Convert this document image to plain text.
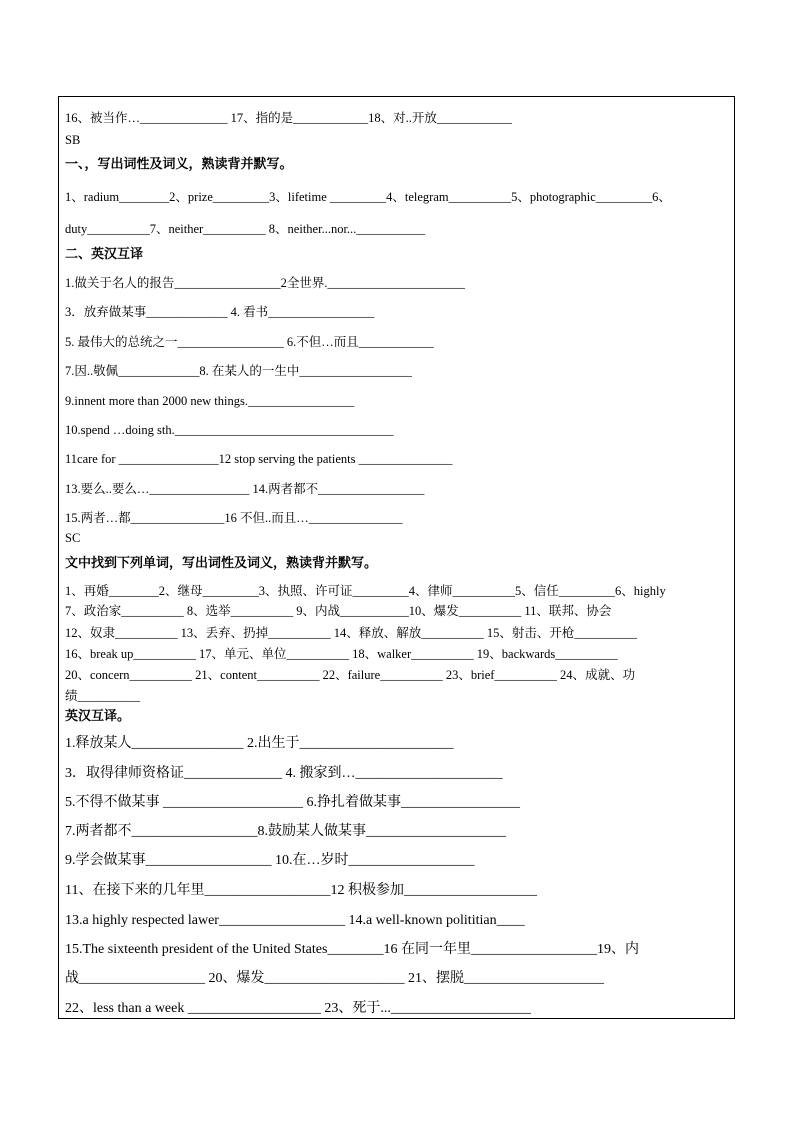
16、被当作…______________ 17、指的是____________18、对..开放____________
SB
一、，写出词性及词义，熟读背并默写。
1、radium________2、prize_________3、lifetime _________4、telegram__________5、photographic_________6、
duty__________7、neither__________ 8、neither...nor...___________
二、英汉互译
1.做关于名人的报告_________________2全世界.______________________
3．放弃做某事_____________ 4. 看书_________________
5. 最伟大的总统之一_________________ 6.不但…而且____________
7.因..敬佩_____________8. 在某人的一生中__________________
9.innent more than 2000 new things._________________
10.spend …doing sth.___________________________________
11care for ________________12 stop serving the patients _______________
13.要么..要么…________________ 14.两者都不_________________
15.两者…都_______________16 不但..而且…_______________
SC
文中找到下列单词，写出词性及词义，熟读背并默写。
1、再婚________2、继母_________3、执照、许可证_________4、律师__________5、信任_________6、highly
7、政治家__________ 8、选举__________ 9、内战___________10、爆发__________ 11、联邦、协会
12、奴隶__________ 13、丢弃、扔掉__________ 14、释放、解放__________ 15、射击、开枪__________
16、break up__________ 17、单元、单位__________ 18、walker__________ 19、backwards__________
20、concern__________ 21、content__________ 22、failure__________ 23、brief__________ 24、成就、功
绩__________
英汉互译。
1.释放某人________________ 2.出生于______________________
3．取得律师资格证______________ 4. 搬家到…_____________________
5.不得不做某事 ____________________ 6.挣扎着做某事_________________
7.两者都不__________________8.鼓励某人做某事____________________
9.学会做某事__________________ 10.在…岁时__________________
11、在接下来的几年里__________________12 积极参加___________________
13.a highly respected lawer__________________ 14.a well-known polititian____
15.The sixteenth president of the United States________16 在同一年里__________________19、内
战__________________ 20、爆发____________________ 21、摆脱____________________
22、less than a week ___________________ 23、死于...____________________
